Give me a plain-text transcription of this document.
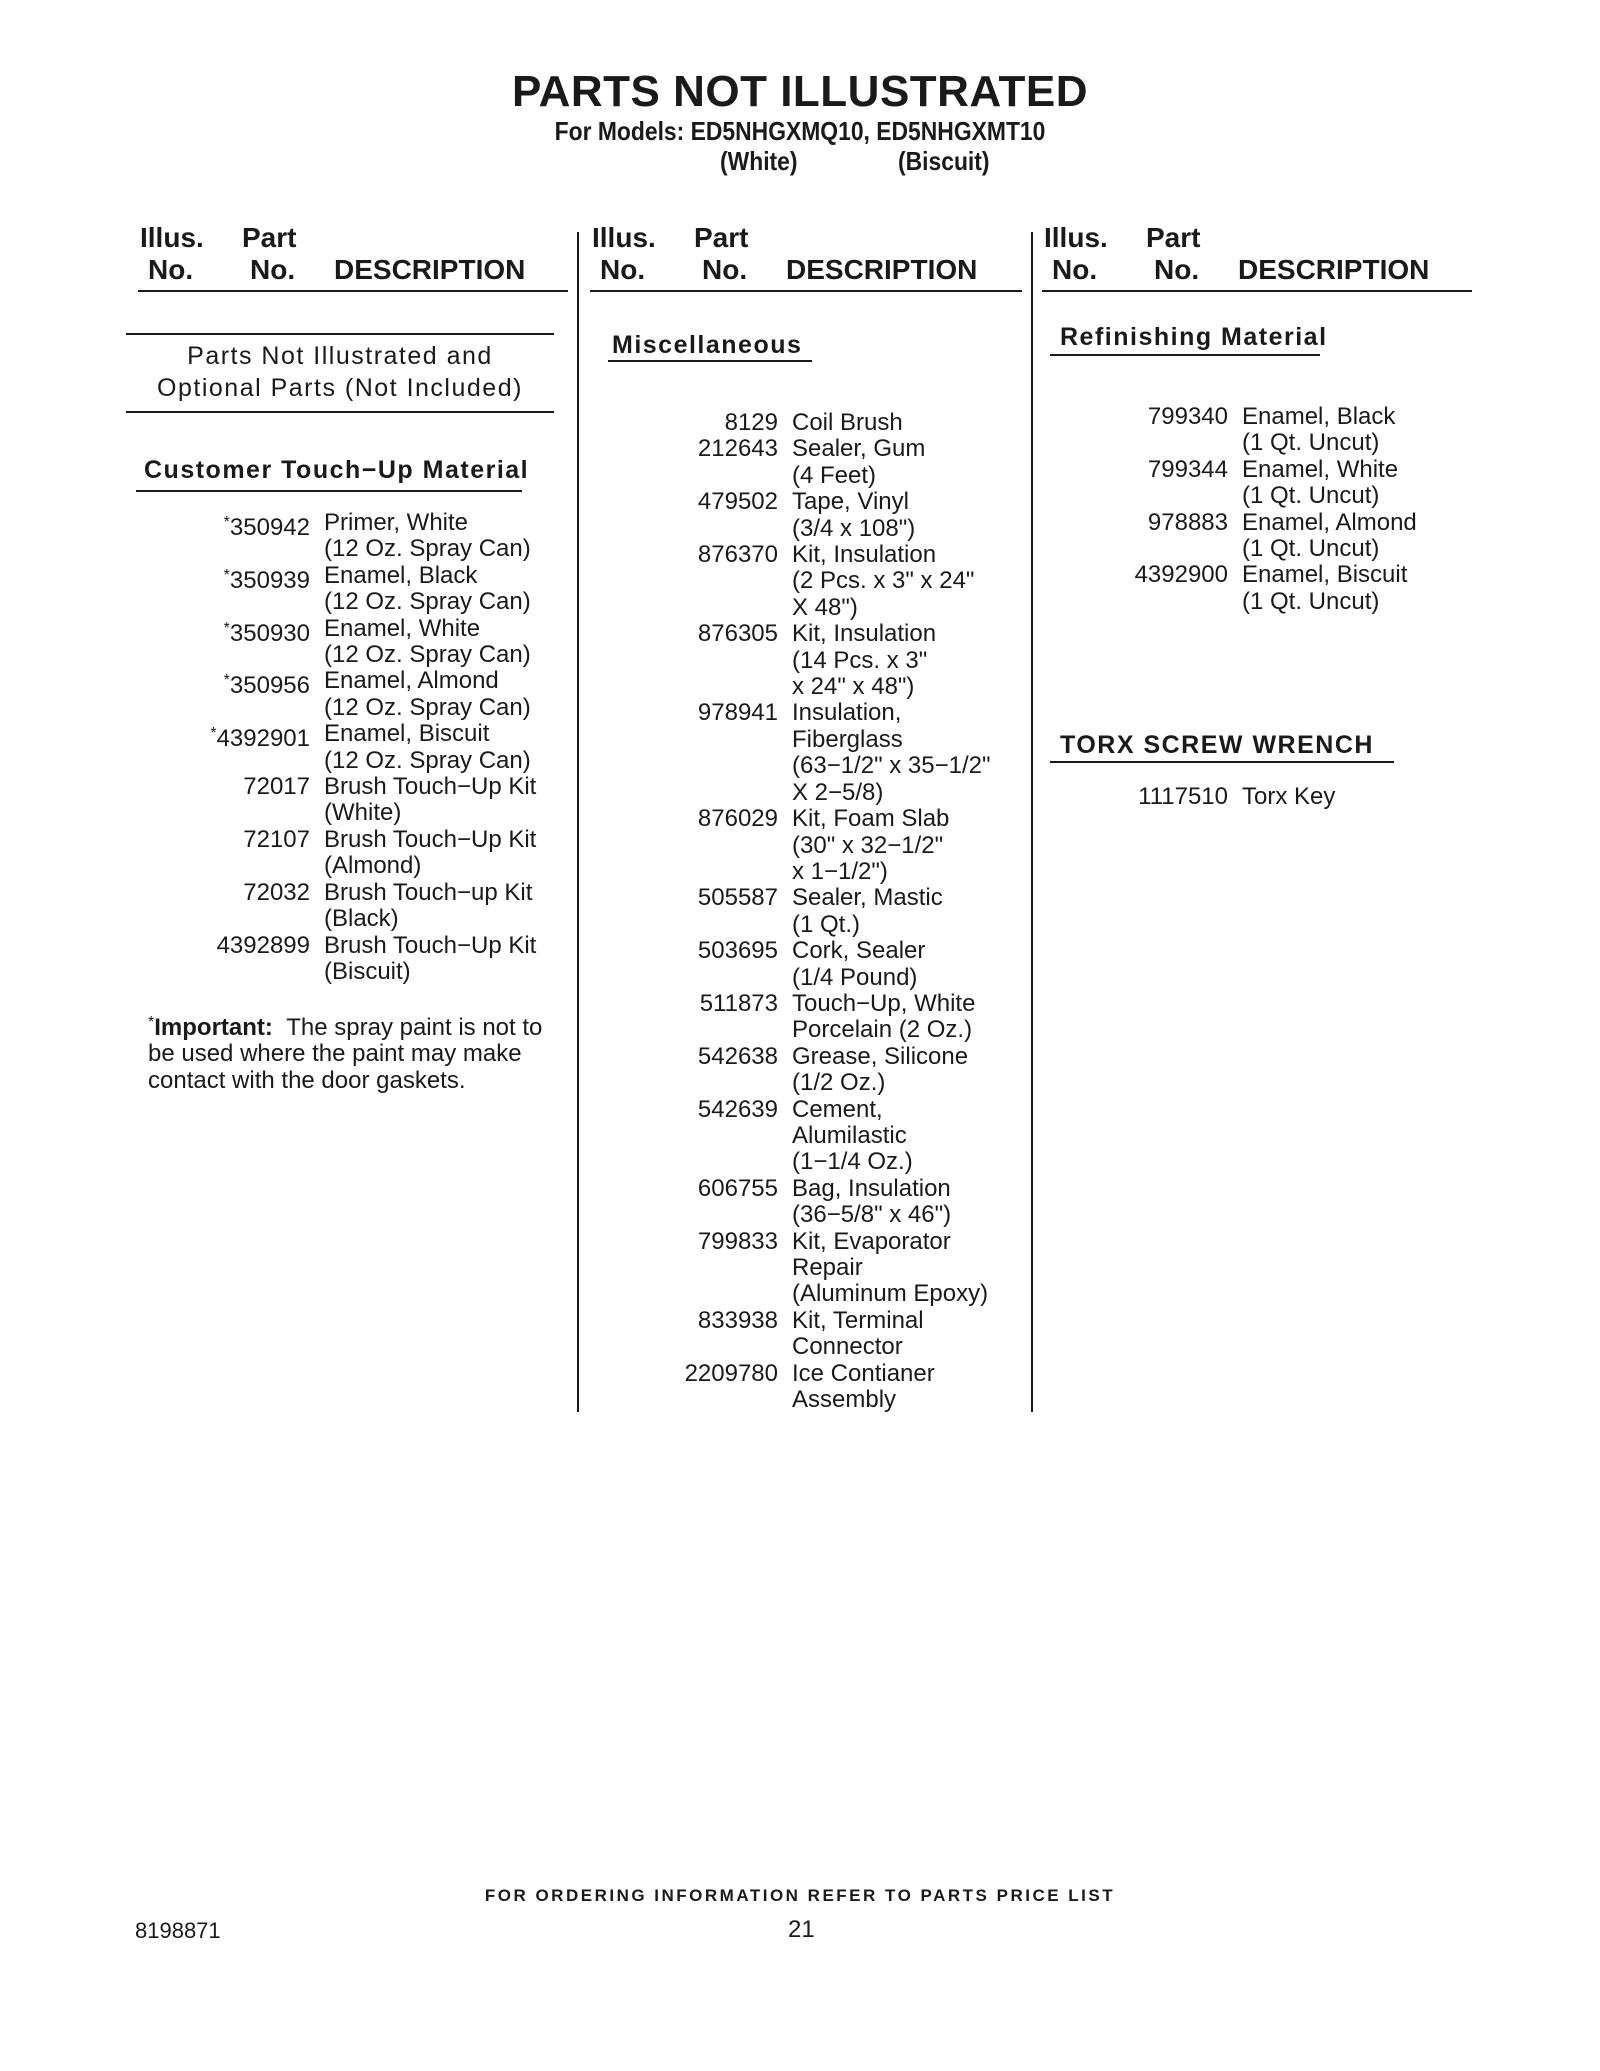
PARTS NOT ILLUSTRATED
For Models: ED5NHGXMQ10, ED5NHGXMT10
(White)	(Biscuit)
Illus. Part
No. No. DESCRIPTION
Illus. Part
No. No. DESCRIPTION
Illus. Part
No. No. DESCRIPTION
Parts Not Illustrated and
Optional Parts (Not Included)
Customer Touch−Up Material
*350942 Primer, White
(12 Oz. Spray Can)
*350939 Enamel, Black
(12 Oz. Spray Can)
*350930 Enamel, White
(12 Oz. Spray Can)
*350956 Enamel, Almond
(12 Oz. Spray Can)
*4392901 Enamel, Biscuit
(12 Oz. Spray Can)
72017 Brush Touch−Up Kit
(White)
72107 Brush Touch−Up Kit
(Almond)
72032 Brush Touch−up Kit
(Black)
4392899 Brush Touch−Up Kit
(Biscuit)
*Important: The spray paint is not to be used where the paint may make contact with the door gaskets.
Miscellaneous
8129 Coil Brush
212643 Sealer, Gum
(4 Feet)
479502 Tape, Vinyl
(3/4 x 108")
876370 Kit, Insulation
(2 Pcs. x 3" x 24"
X 48")
876305 Kit, Insulation
(14 Pcs. x 3"
x 24" x 48")
978941 Insulation,
Fiberglass
(63−1/2" x 35−1/2"
X 2−5/8)
876029 Kit, Foam Slab
(30" x 32−1/2"
x 1−1/2")
505587 Sealer, Mastic
(1 Qt.)
503695 Cork, Sealer
(1/4 Pound)
511873 Touch−Up, White
Porcelain (2 Oz.)
542638 Grease, Silicone
(1/2 Oz.)
542639 Cement,
Alumilastic
(1−1/4 Oz.)
606755 Bag, Insulation
(36−5/8" x 46")
799833 Kit, Evaporator
Repair
(Aluminum Epoxy)
833938 Kit, Terminal
Connector
2209780 Ice Contianer
Assembly
Refinishing Material
799340 Enamel, Black
(1 Qt. Uncut)
799344 Enamel, White
(1 Qt. Uncut)
978883 Enamel, Almond
(1 Qt. Uncut)
4392900 Enamel, Biscuit
(1 Qt. Uncut)
TORX SCREW WRENCH
1117510 Torx Key
FOR ORDERING INFORMATION REFER TO PARTS PRICE LIST
8198871	21
